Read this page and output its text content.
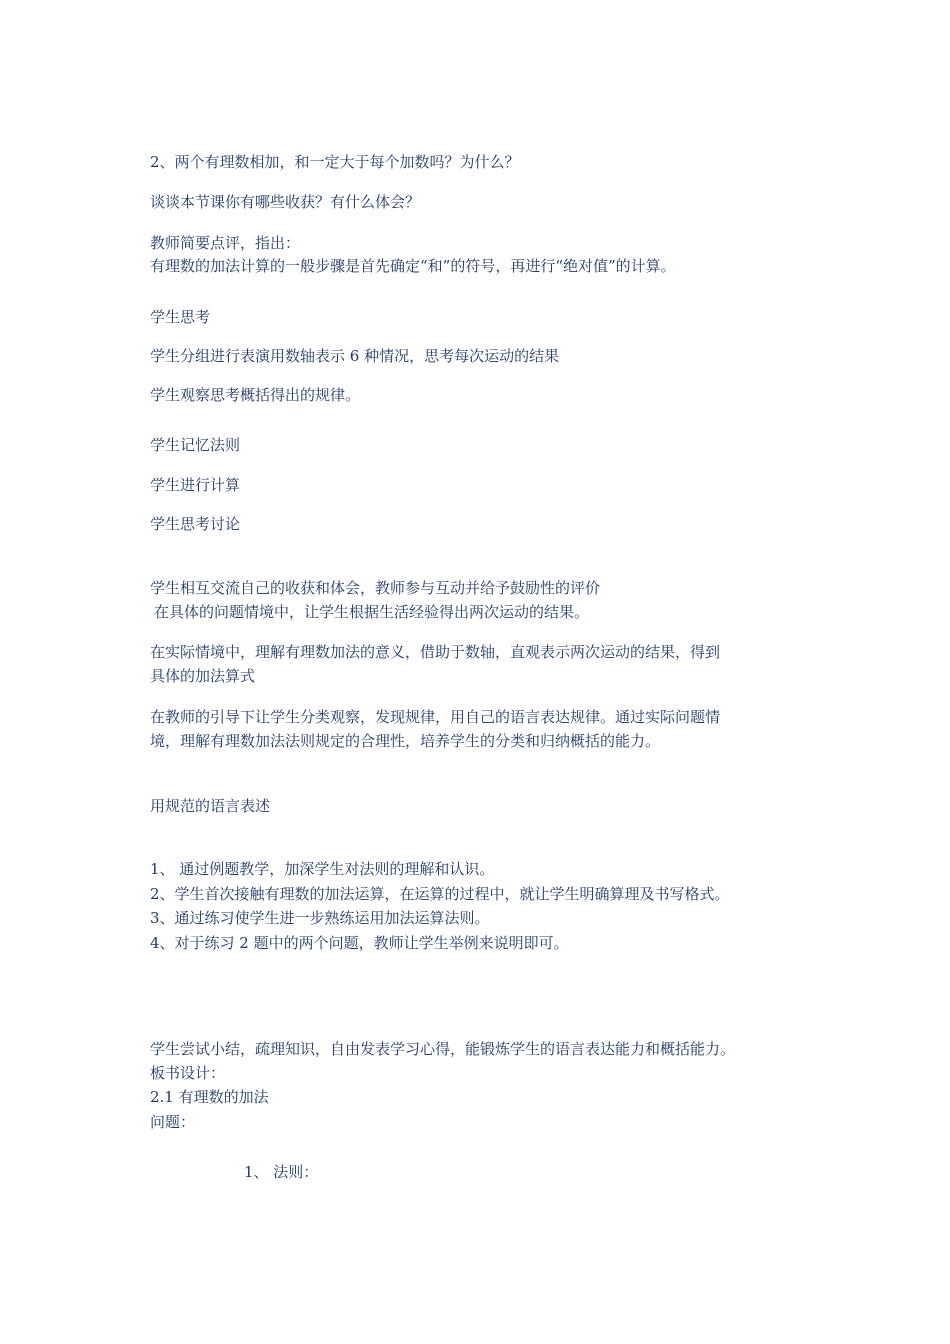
2、两个有理数相加，和一定大于每个加数吗？为什么？
谈谈本节课你有哪些收获？有什么体会？
教师简要点评，指出：
有理数的加法计算的一般步骤是首先确定“和”的符号，再进行“绝对值”的计算。
学生思考
学生分组进行表演用数轴表示 6 种情况，思考每次运动的结果
学生观察思考概括得出的规律。
学生记忆法则
学生进行计算
学生思考讨论
学生相互交流自己的收获和体会，教师参与互动并给予鼓励性的评价
在具体的问题情境中，让学生根据生活经验得出两次运动的结果。
在实际情境中，理解有理数加法的意义，借助于数轴，直观表示两次运动的结果，得到
具体的加法算式
在教师的引导下让学生分类观察，发现规律，用自己的语言表达规律。通过实际问题情
境，理解有理数加法法则规定的合理性，培养学生的分类和归纳概括的能力。
用规范的语言表述
1、 通过例题教学，加深学生对法则的理解和认识。
2、学生首次接触有理数的加法运算，在运算的过程中，就让学生明确算理及书写格式。
3、通过练习使学生进一步熟练运用加法运算法则。
4、对于练习 2 题中的两个问题，教师让学生举例来说明即可。
学生尝试小结，疏理知识，自由发表学习心得，能锻炼学生的语言表达能力和概括能力。
板书设计：
2.1 有理数的加法
问题：
1、 法则：
